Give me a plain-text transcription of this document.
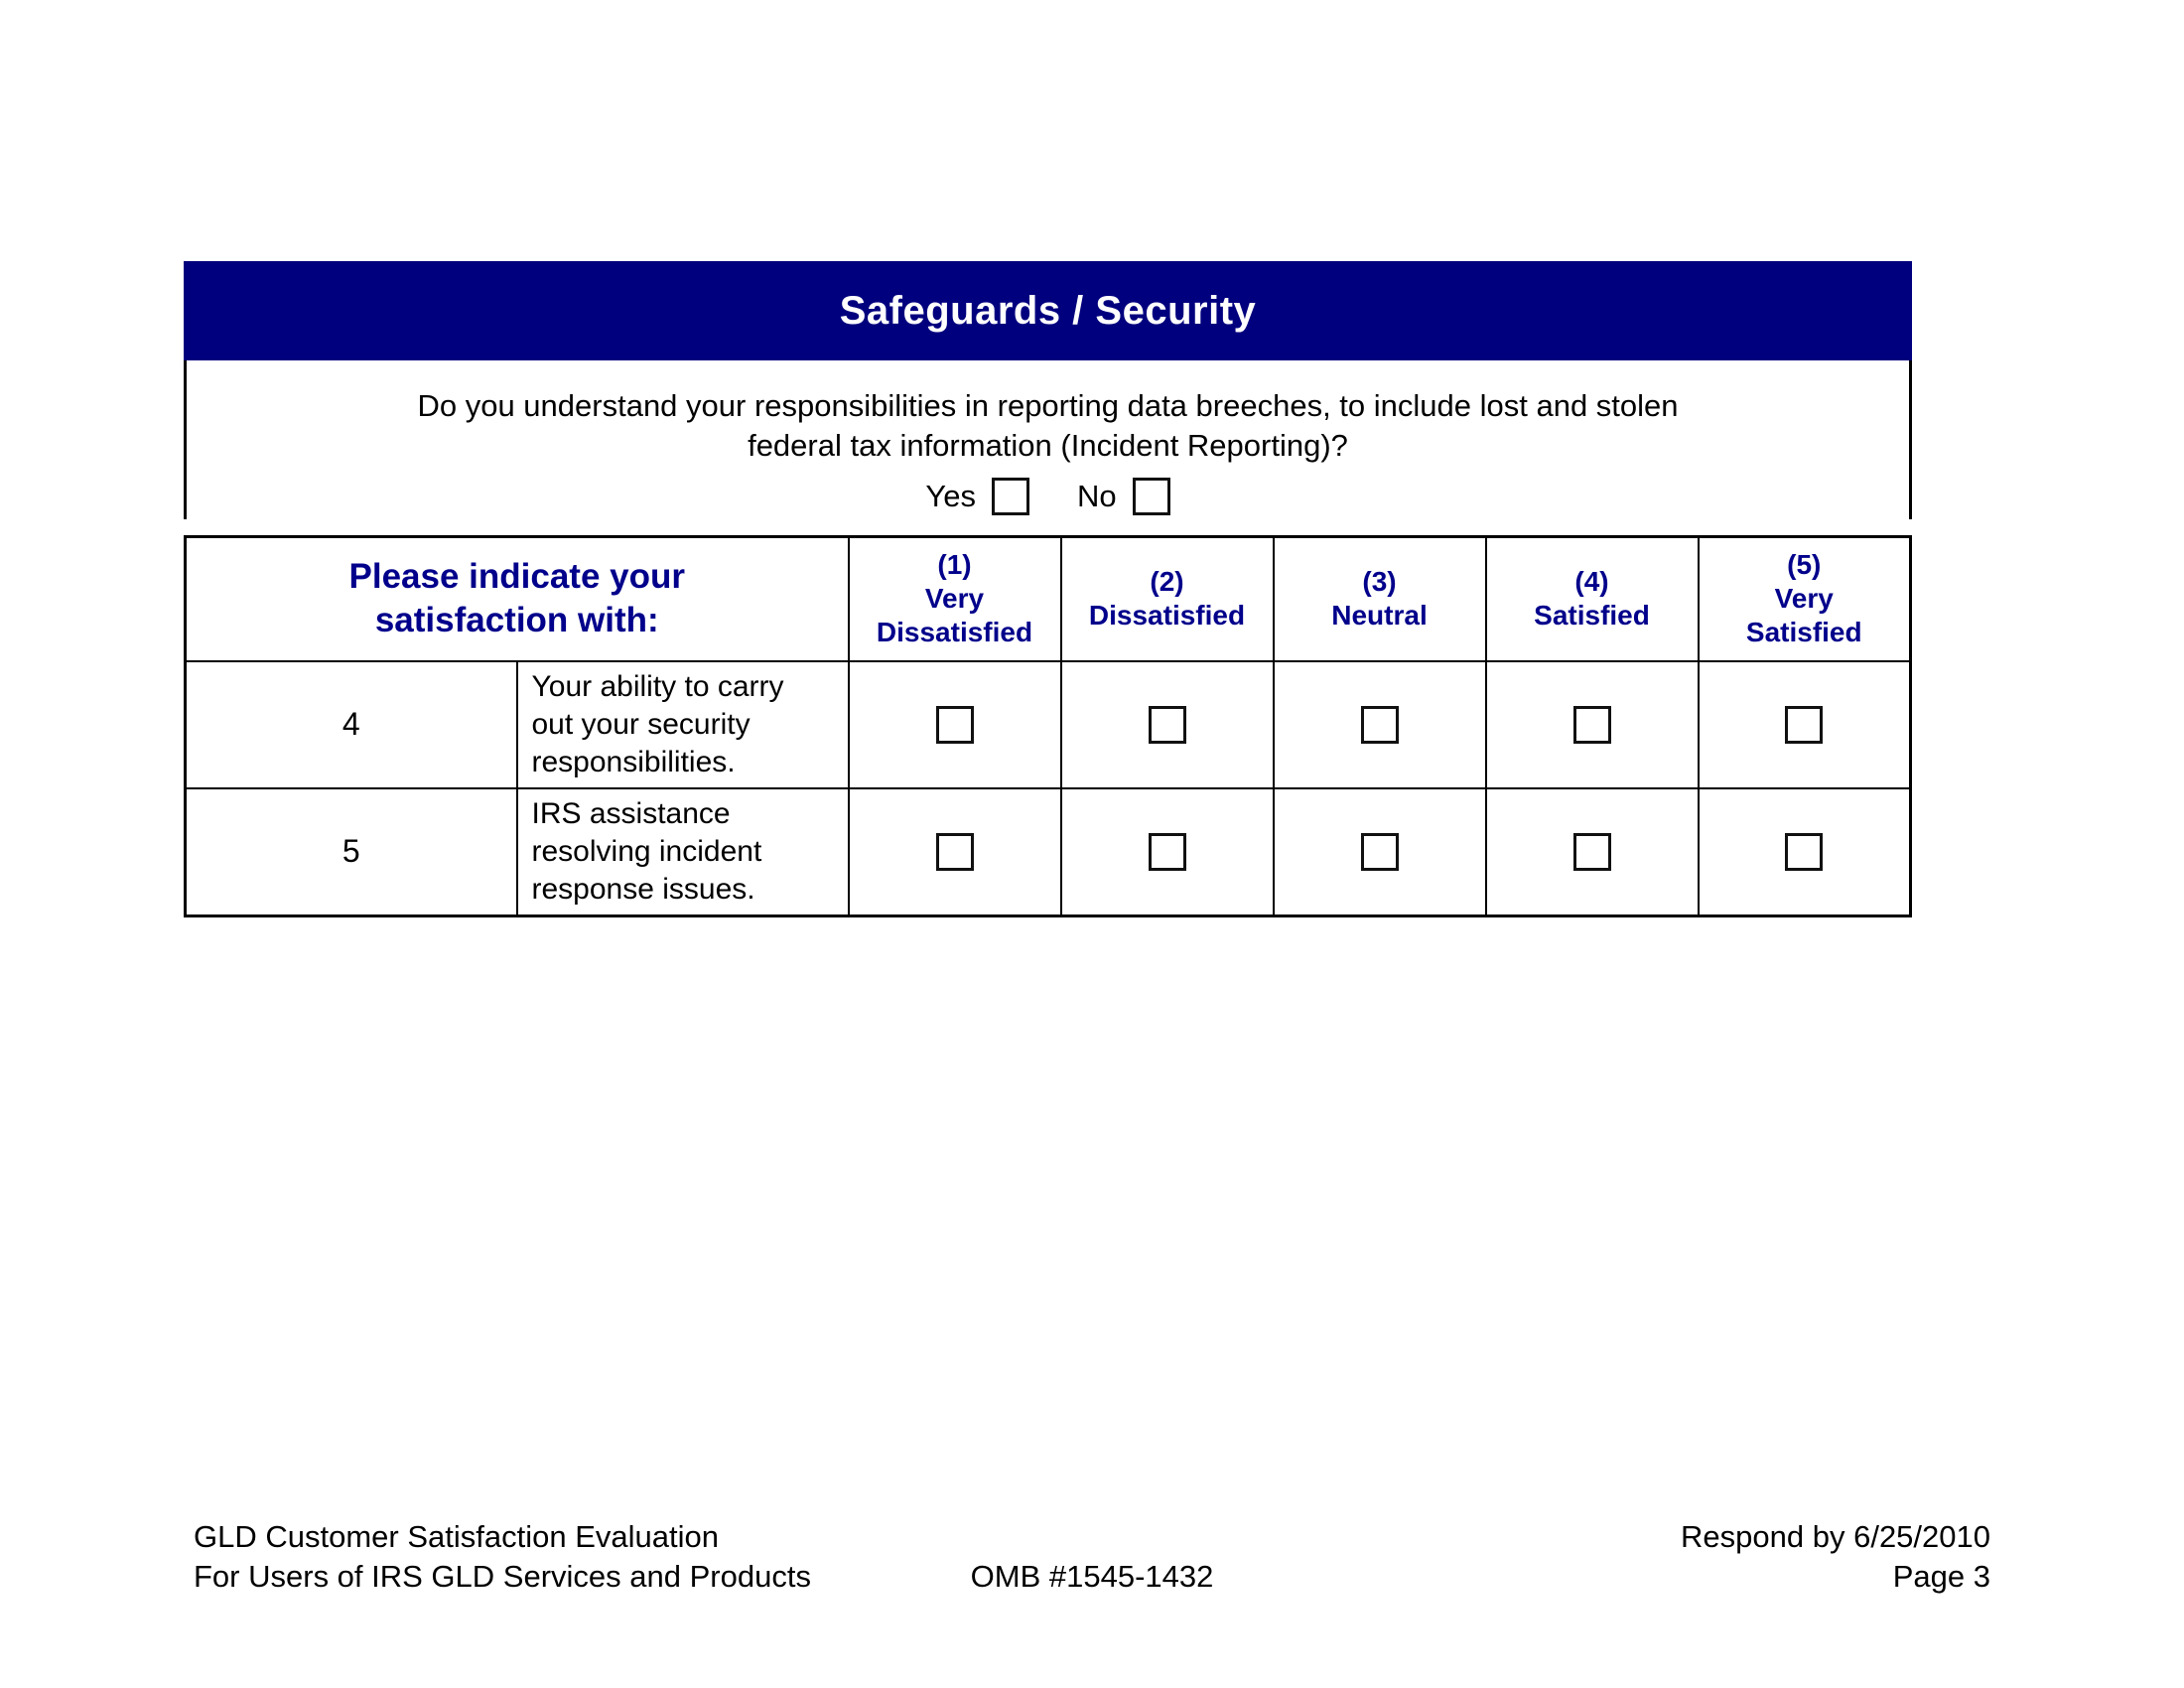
Safeguards / Security
Do you understand your responsibilities in reporting data breeches, to include lost and stolen
federal tax information (Incident Reporting)?
Yes	No
Please indicate your
satisfaction with:

(1)
Very
Dissatisfied

(2)
Dissatisfied

(3)
Neutral

(4)
Satisfied

(5)
Very
Satisfied

4	Your ability to carry out your security responsibilities.					
5	IRS assistance resolving incident response issues.					
GLD Customer Satisfaction Evaluation
For Users of IRS GLD Services and Products	OMB #1545-1432
Respond by 6/25/2010
Page 3
